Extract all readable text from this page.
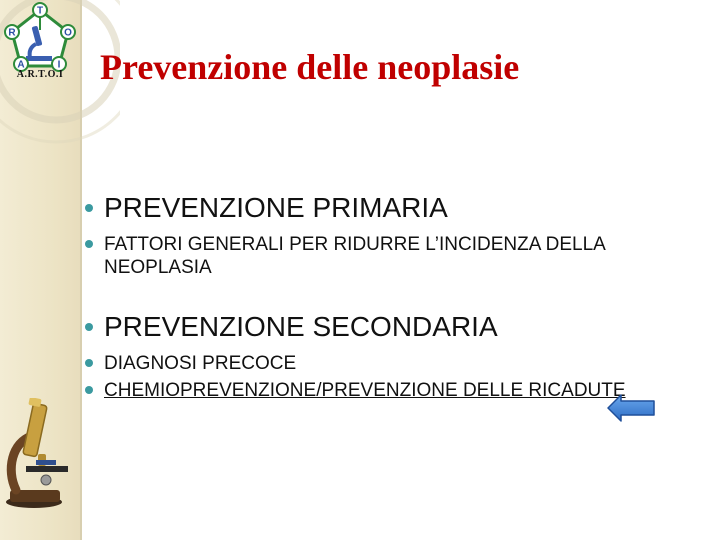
T
O
I
A
R
A.R.T.O.I	Prevenzione delle neoplasie
PREVENZIONE PRIMARIA
FATTORI GENERALI PER RIDURRE L’INCIDENZA DELLA NEOPLASIA
PREVENZIONE SECONDARIA
DIAGNOSI PRECOCE
CHEMIOPREVENZIONE/PREVENZIONE DELLE RICADUTE
